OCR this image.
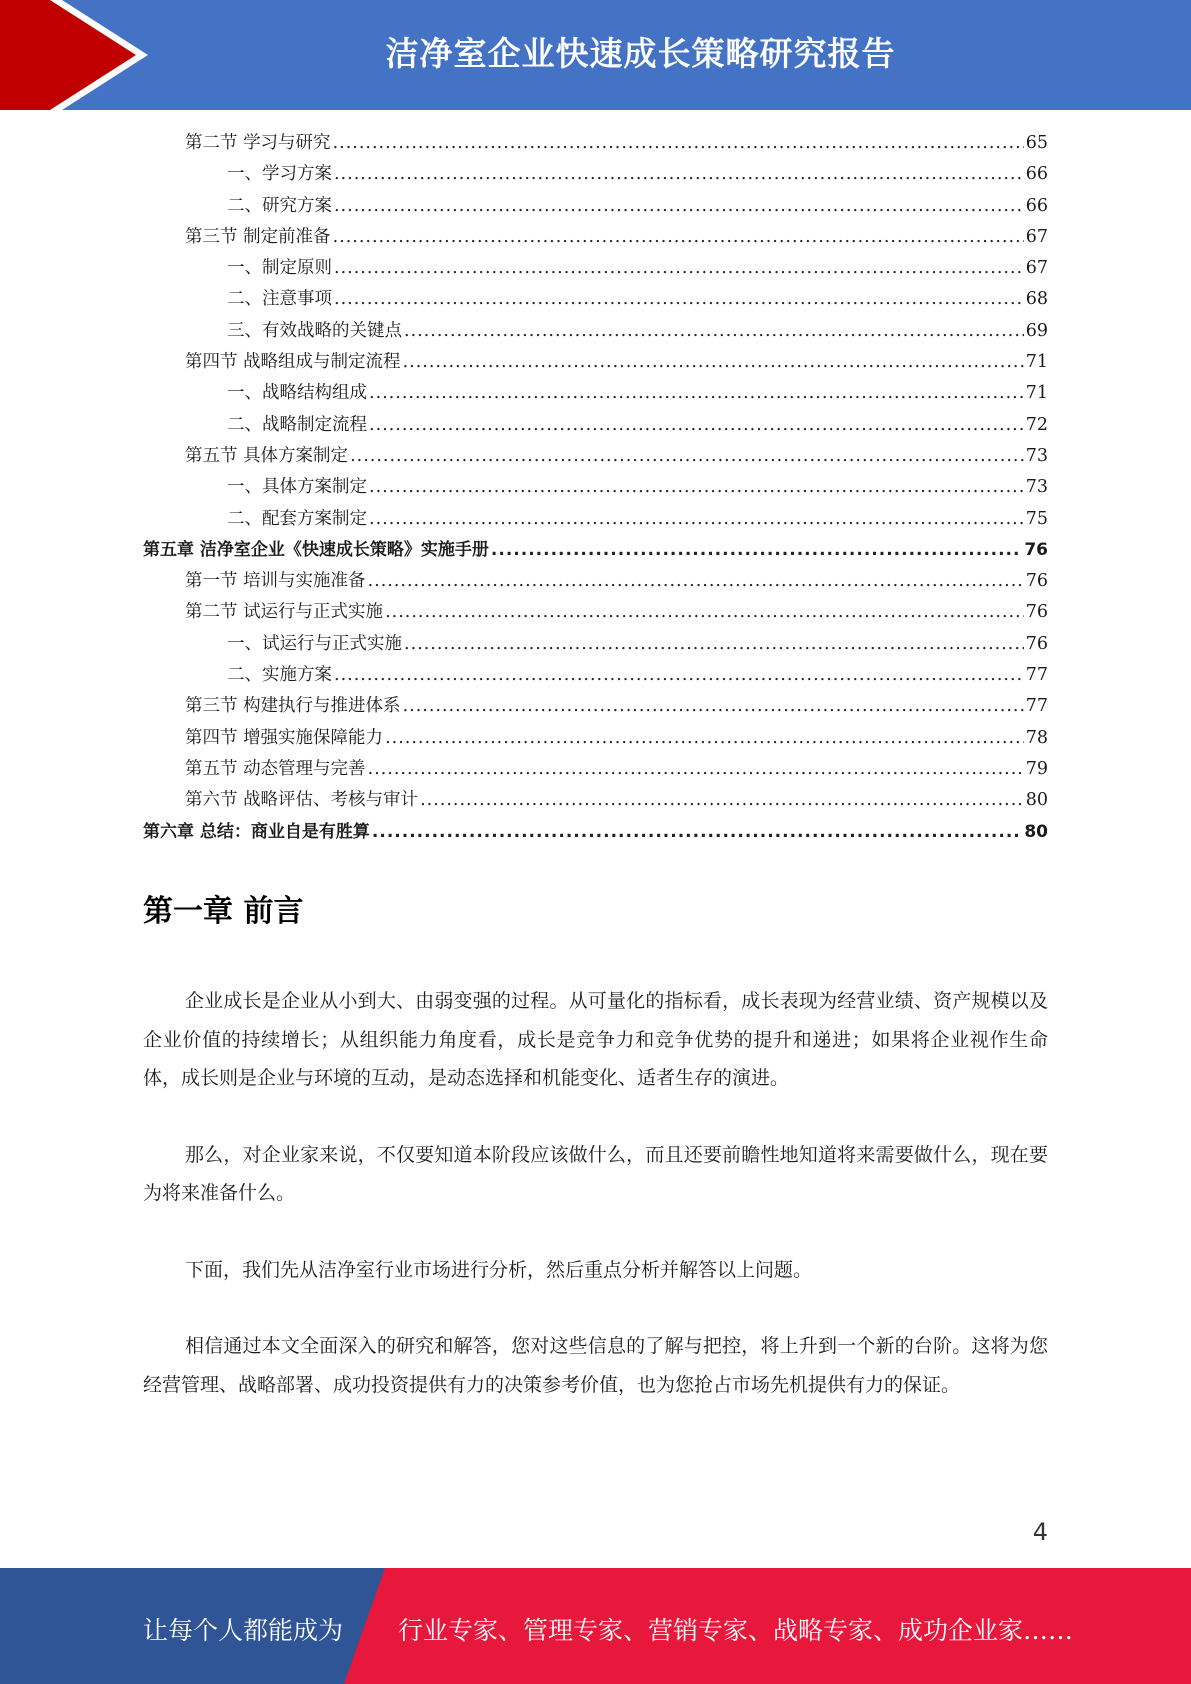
洁净室企业快速成长策略研究报告
第二节 学习与研究 .....	65
一、学习方案 .....	66
二、研究方案 .....	66
第三节 制定前准备 .....	67
一、制定原则 .....	67
二、注意事项 .....	68
三、有效战略的关键点 .....	69
第四节 战略组成与制定流程 .....	71
一、战略结构组成 .....	71
二、战略制定流程 .....	72
第五节 具体方案制定 .....	73
一、具体方案制定 .....	73
二、配套方案制定 .....	75
第五章 洁净室企业《快速成长策略》实施手册 .....	76
第一节 培训与实施准备 .....	76
第二节 试运行与正式实施 .....	76
一、试运行与正式实施 .....	76
二、实施方案 .....	77
第三节 构建执行与推进体系 .....	77
第四节 增强实施保障能力 .....	78
第五节 动态管理与完善 .....	79
第六节 战略评估、考核与审计 .....	80
第六章 总结：商业自是有胜算 .....	80
第一章 前言

企业成长是企业从小到大、由弱变强的过程。从可量化的指标看，成长表现为经营业绩、资产规模以及企业价值的持续增长；从组织能力角度看，成长是竞争力和竞争优势的提升和递进；如果将企业视作生命体，成长则是企业与环境的互动，是动态选择和机能变化、适者生存的演进。

那么，对企业家来说，不仅要知道本阶段应该做什么，而且还要前瞻性地知道将来需要做什么，现在要为将来准备什么。

下面，我们先从洁净室行业市场进行分析，然后重点分析并解答以上问题。

相信通过本文全面深入的研究和解答，您对这些信息的了解与把控，将上升到一个新的台阶。这将为您经营管理、战略部署、成功投资提供有力的决策参考价值，也为您抢占市场先机提供有力的保证。

4
让每个人都能成为 行业专家、管理专家、营销专家、战略专家、成功企业家……
